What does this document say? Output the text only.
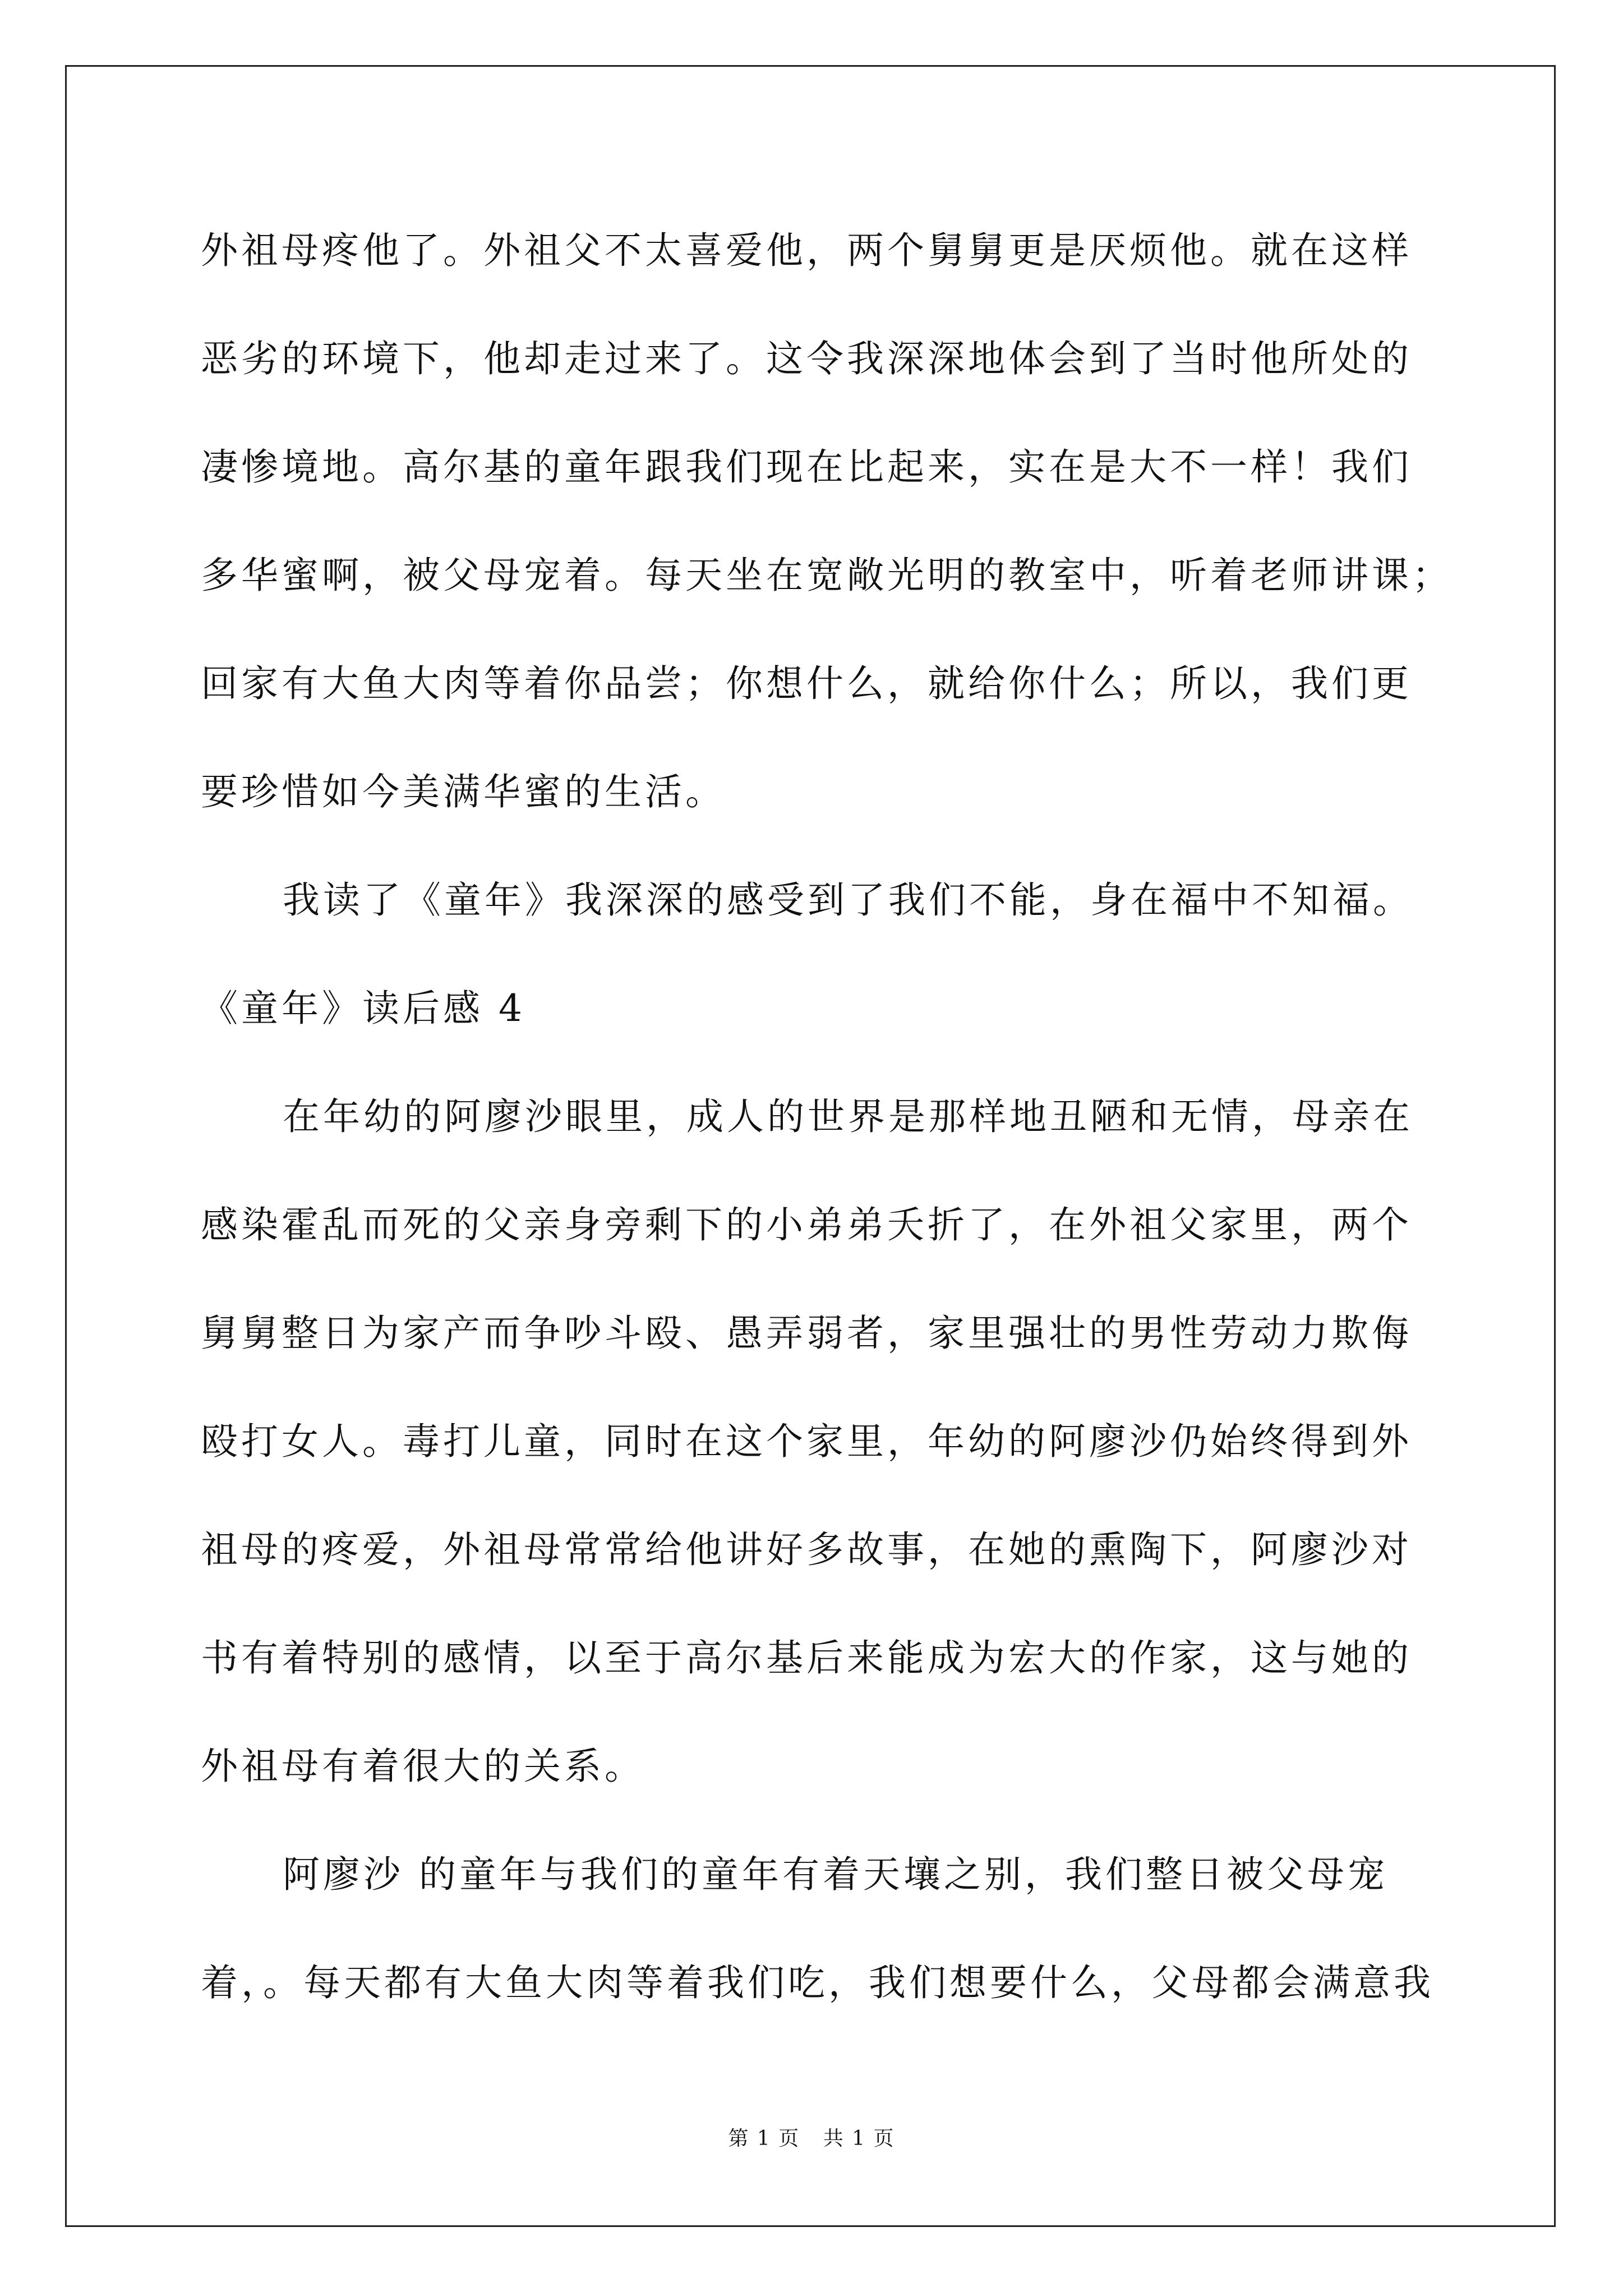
外祖母疼他了。外祖父不太喜爱他，两个舅舅更是厌烦他。就在这样
恶劣的环境下，他却走过来了。这令我深深地体会到了当时他所处的
凄惨境地。高尔基的童年跟我们现在比起来，实在是大不一样！我们
多华蜜啊，被父母宠着。每天坐在宽敞光明的教室中，听着老师讲课；
回家有大鱼大肉等着你品尝；你想什么，就给你什么；所以，我们更
要珍惜如今美满华蜜的生活。
我读了《童年》我深深的感受到了我们不能，身在福中不知福。
《童年》读后感 4
在年幼的阿廖沙眼里，成人的世界是那样地丑陋和无情，母亲在
感染霍乱而死的父亲身旁剩下的小弟弟夭折了，在外祖父家里，两个
舅舅整日为家产而争吵斗殴、愚弄弱者，家里强壮的男性劳动力欺侮
殴打女人。毒打儿童，同时在这个家里，年幼的阿廖沙仍始终得到外
祖母的疼爱，外祖母常常给他讲好多故事，在她的熏陶下，阿廖沙对
书有着特别的感情，以至于高尔基后来能成为宏大的作家，这与她的
外祖母有着很大的关系。
阿廖沙 的童年与我们的童年有着天壤之别，我们整日被父母宠
着，。每天都有大鱼大肉等着我们吃，我们想要什么，父母都会满意我
第 1 页 共 1 页
